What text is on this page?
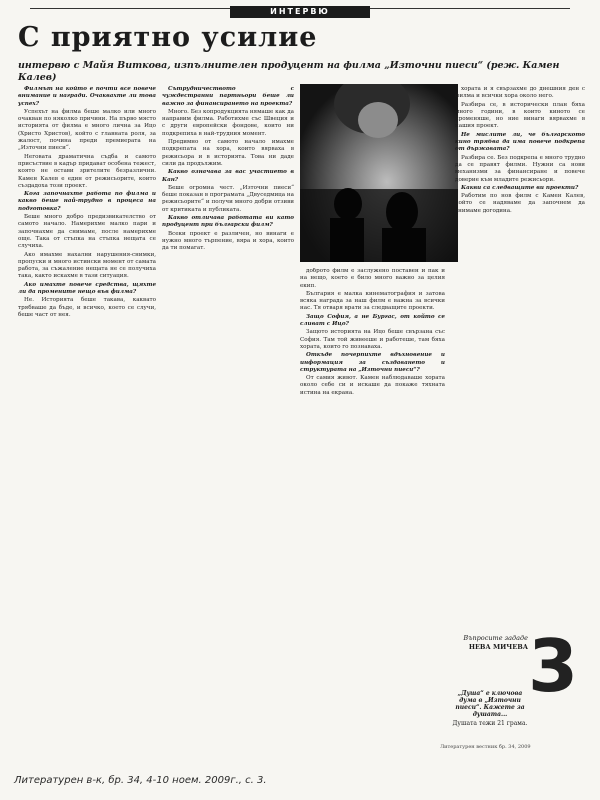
ИНТЕРВЮ
С приятно усилие
интервю с Майя Витковa, изпълнителен продуцент на филма „Източни пиеси“ (реж. Камен Калев)

Филмът на който е почти все повече внимание и награди. Очаквахте ли това успех?

Успехът на филма беше малко или много очакван по няколко причини. На първо място историята от филма е много лична за Ицо (Христо Христов), който с главната роля, за жалост, почина преди премиерата на „Източни пиеси“.

Неговата драматична съдба и самото присъствие в кадър придават особена тежест, която не остави зрителите безразлични. Камен Калев е един от режисьорите, които създадоха този проект.

Кога започнахте работа по филма и какво беше най-трудно в процеса на подготовка?

Беше много добро предизвикателство от самото начало. Намерихме малко пари и започнахме да снимаме, после намерихме още. Така от стъпка на стъпка нещата се случиха.

Ако имахме нахални нарушения-снимки, пропуски и много истински момент от самата работа, за съжаление нещата не се получиха така, както искахме в тази ситуация.

Ако имахте повече средства, щяхте ли да промените нещо във филма?

Не. Историята беше такава, каквато трябваше да бъде, и всичко, което се случи, беше част от нея.

Сътрудничеството с чуждестранни партньори беше ли важно за финансирането на проекта?

Много. Без копродукцията нямаше как да направим филма. Работихме със Швеция и с други европейски фондове, които ни подкрепиха в най-трудния момент.

Предимно от самото начало имахме подкрепата на хора, които вярваха в режисьора и в историята. Това ни даде сили да продължим.

Какво означава за вас участието в Кан?

Беше огромна чест. „Източни пиеси“ беше показан в програмата „Двуседмица на режисьорите“ и получи много добри отзиви от критиката и публиката.

Какво отличава работата ви като продуцент при български филм?

Всеки проект е различен, но винаги е нужно много търпение, вяра и хора, които да ти помагат.

доброто филм е заслужено поставен и пак и на нещо, което е било много важно за целия екип.

България е малка кинематография и затова всяка награда за наш филм е важна за всички нас. Тя отваря врати за следващите проекти.

Защо София, а не Бургас, от който се сливат с Ицо?

Защото историята на Ицо беше свързана със София. Там той живееше и работеше, там бяха хората, които го познаваха.

Откъде почерпихте вдъхновение и информация за създаването и структурата на „Източни пиеси“?

От самия живот. Камен наблюдаваше хората около себе си и искаше да покаже тяхната истина на екрана.

хората и я свързахме до днешния ден с филма и всички хора около него.

Разбира се, в исторически план бяха много години, в които киното се променяше, но ние винаги вярвахме в нашия проект.

Не мислите ли, че българското кино трябва да има повече подкрепа от държавата?

Разбира се. Без подкрепа е много трудно да се правят филми. Нужни са нови механизми за финансиране и повече доверие към младите режисьори.

Какви са следващите ви проекти?

Работим по нов филм с Камен Калев, който се надяваме да започнем да снимаме догодина.

Въпросите зададе
НЕВА МИЧЕВА 3
„Душа“ е ключова дума в „Източни пиеси“. Кажете за душата...
Душата тежи 21 грама.
Литературен вестник бр. 34, 2009
Литературен в-к, бр. 34, 4-10 ноем. 2009г., с. 3.
